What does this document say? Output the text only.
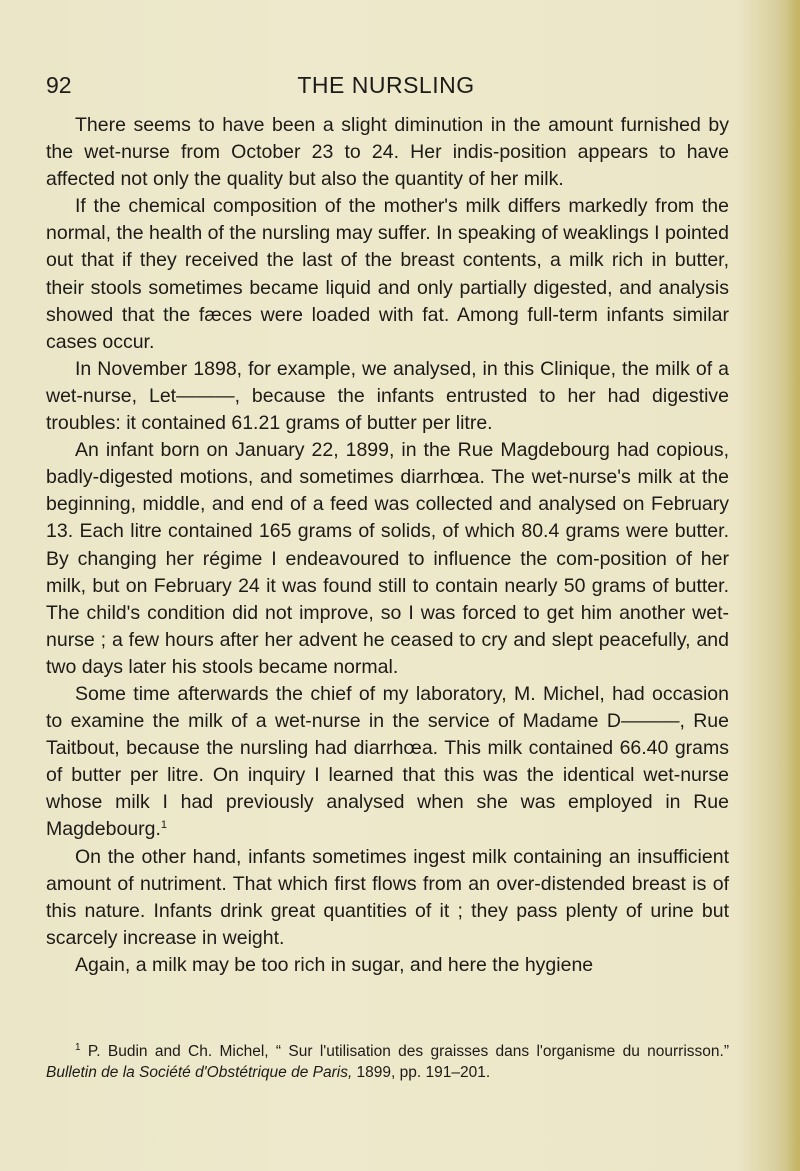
92	THE NURSLING

There seems to have been a slight diminution in the amount furnished by the wet-nurse from October 23 to 24. Her indis-position appears to have affected not only the quality but also the quantity of her milk.

If the chemical composition of the mother's milk differs markedly from the normal, the health of the nursling may suffer. In speaking of weaklings I pointed out that if they received the last of the breast contents, a milk rich in butter, their stools sometimes became liquid and only partially digested, and analysis showed that the fæces were loaded with fat. Among full-term infants similar cases occur.

In November 1898, for example, we analysed, in this Clinique, the milk of a wet-nurse, Let———, because the infants entrusted to her had digestive troubles: it contained 61.21 grams of butter per litre.

An infant born on January 22, 1899, in the Rue Magdebourg had copious, badly-digested motions, and sometimes diarrhœa. The wet-nurse's milk at the beginning, middle, and end of a feed was collected and analysed on February 13. Each litre contained 165 grams of solids, of which 80.4 grams were butter. By changing her régime I endeavoured to influence the com-position of her milk, but on February 24 it was found still to contain nearly 50 grams of butter. The child's condition did not improve, so I was forced to get him another wet-nurse ; a few hours after her advent he ceased to cry and slept peacefully, and two days later his stools became normal.

Some time afterwards the chief of my laboratory, M. Michel, had occasion to examine the milk of a wet-nurse in the service of Madame D———, Rue Taitbout, because the nursling had diarrhœa. This milk contained 66.40 grams of butter per litre. On inquiry I learned that this was the identical wet-nurse whose milk I had previously analysed when she was employed in Rue Magdebourg.$^1$

On the other hand, infants sometimes ingest milk containing an insufficient amount of nutriment. That which first flows from an over-distended breast is of this nature. Infants drink great quantities of it ; they pass plenty of urine but scarcely increase in weight.

Again, a milk may be too rich in sugar, and here the hygiene

$^1$ P. Budin and Ch. Michel, “ Sur l'utilisation des graisses dans l'organisme du nourrisson.” Bulletin de la Société d'Obstétrique de Paris, 1899, pp. 191–201.
